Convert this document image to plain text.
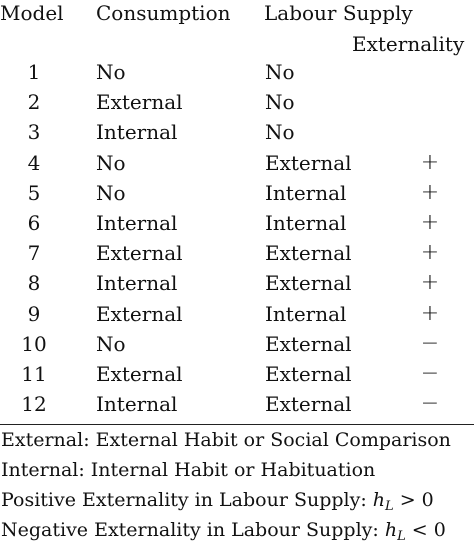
Model Consumption Labour Supply
Externality
1	No	No
2	External	No
3	Internal	No
4	No	External	+
5	No	Internal	+
6	Internal	Internal	+
7	External	External	+
8	Internal	External	+
9	External	Internal	+
10	No	External	−
11	External	External	−
12	Internal	External	−
External: External Habit or Social Comparison
Internal: Internal Habit or Habituation
Positive Externality in Labour Supply: $h_L > 0$
Negative Externality in Labour Supply: $h_L < 0$
